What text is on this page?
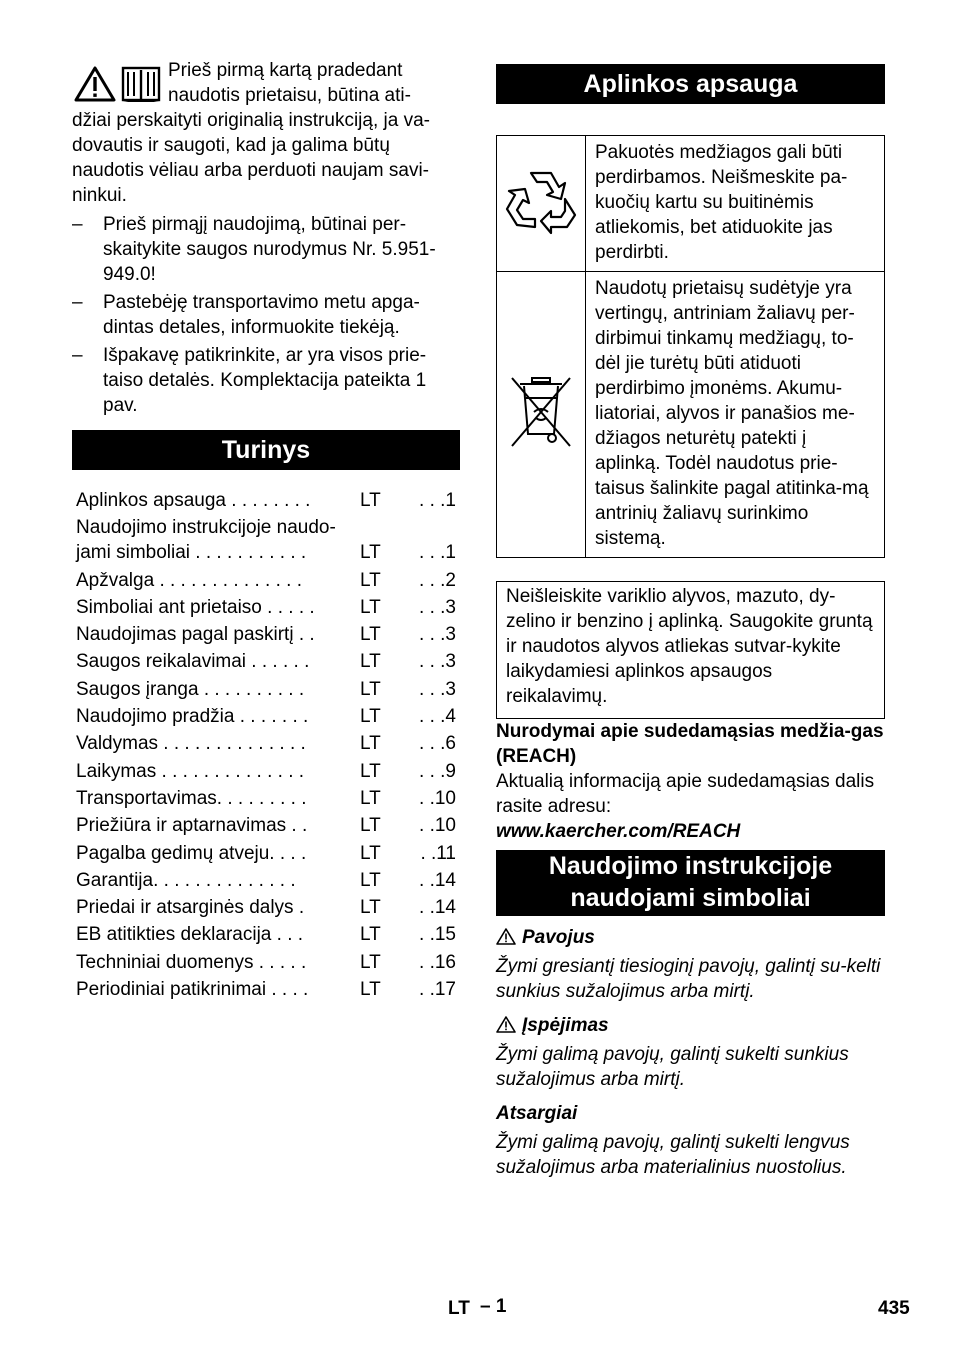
Prieš pirmą kartą pradedant

naudotis prietaisu, būtina ati-

džiai perskaityti originalią instrukciją, ja va-dovautis ir saugoti, kad ja galima būtų naudotis vėliau arba perduoti naujam savi-ninkui.

– Prieš pirmąjį naudojimą, būtinai per-skaitykite saugos nurodymus Nr. 5.951-949.0!
– Pastebėję transportavimo metu apga-dintas detales, informuokite tiekėją.
– Išpakavę patikrinkite, ar yra visos prie-taiso detalės. Komplektacija pateikta 1 pav.
Turinys
Aplinkos apsauga . . . . . . . .	LT	. . .1
Naudojimo instrukcijoje naudo-jami simboliai . . . . . . . . . . .	LT	. . .1
Apžvalga . . . . . . . . . . . . . .	LT	. . .2
Simboliai ant prietaiso . . . . .	LT	. . .3
Naudojimas pagal paskirtį . .	LT	. . .3
Saugos reikalavimai . . . . . .	LT	. . .3
Saugos įranga . . . . . . . . . .	LT	. . .3
Naudojimo pradžia . . . . . . .	LT	. . .4
Valdymas . . . . . . . . . . . . . .	LT	. . .6
Laikymas . . . . . . . . . . . . . .	LT	. . .9
Transportavimas. . . . . . . . .	LT	. .10
Priežiūra ir aptarnavimas . .	LT	. .10
Pagalba gedimų atveju. . . .	LT	. .11
Garantija. . . . . . . . . . . . . .	LT	. .14
Priedai ir atsarginės dalys .	LT	. .14
EB atitikties deklaracija . . .	LT	. .15
Techniniai duomenys . . . . .	LT	. .16
Periodiniai patikrinimai . . . .	LT	. .17
Aplinkos apsauga
	Pakuotės medžiagos gali būti perdirbamos. Neišmeskite pa-kuočių kartu su buitinėmis atliekomis, bet atiduokite jas perdirbti.
	Naudotų prietaisų sudėtyje yra vertingų, antriniam žaliavų per-dirbimui tinkamų medžiagų, to-dėl jie turėtų būti atiduoti perdirbimo įmonėms. Akumu-liatoriai, alyvos ir panašios me-džiagos neturėtų patekti į aplinką. Todėl naudotus prie-taisus šalinkite pagal atitinka-mą antrinių žaliavų surinkimo sistemą.
Neišleiskite variklio alyvos, mazuto, dy-zelino ir benzino į aplinką. Saugokite gruntą ir naudotos alyvos atliekas sutvar-kykite laikydamiesi aplinkos apsaugos reikalavimų.

Nurodymai apie sudedamąsias medžia-gas (REACH)

Aktualią informaciją apie sudedamąsias dalis rasite adresu:

www.kaercher.com/REACH

Naudojimo instrukcijoje naudojami simboliai

Pavojus

Žymi gresiantį tiesioginį pavojų, galintį su-kelti sunkius sužalojimus arba mirtį.

Įspėjimas

Žymi galimą pavojų, galintį sukelti sunkius sužalojimus arba mirtį.

Atsargiai

Žymi galimą pavojų, galintį sukelti lengvus sužalojimus arba materialinius nuostolius.

LT – 1	435
